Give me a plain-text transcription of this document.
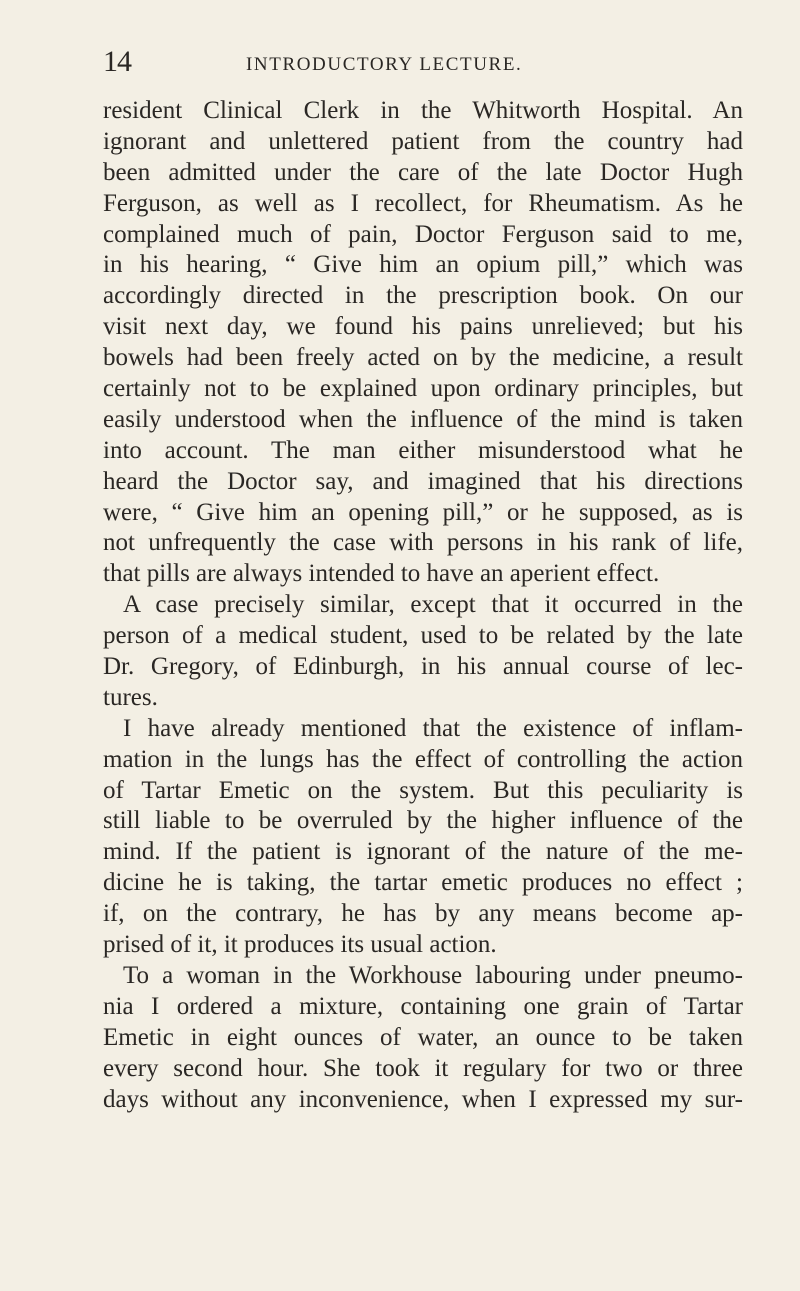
14	INTRODUCTORY LECTURE.
resident Clinical Clerk in the Whitworth Hospital. An
ignorant and unlettered patient from the country had
been admitted under the care of the late Doctor Hugh
Ferguson, as well as I recollect, for Rheumatism. As he
complained much of pain, Doctor Ferguson said to me,
in his hearing, “ Give him an opium pill,” which was
accordingly directed in the prescription book. On our
visit next day, we found his pains unrelieved; but his
bowels had been freely acted on by the medicine, a result
certainly not to be explained upon ordinary principles, but
easily understood when the influence of the mind is taken
into account. The man either misunderstood what he
heard the Doctor say, and imagined that his directions
were, “ Give him an opening pill,” or he supposed, as is
not unfrequently the case with persons in his rank of life,
that pills are always intended to have an aperient effect.
A case precisely similar, except that it occurred in the
person of a medical student, used to be related by the late
Dr. Gregory, of Edinburgh, in his annual course of lec-
tures.
I have already mentioned that the existence of inflam-
mation in the lungs has the effect of controlling the action
of Tartar Emetic on the system. But this peculiarity is
still liable to be overruled by the higher influence of the
mind. If the patient is ignorant of the nature of the me-
dicine he is taking, the tartar emetic produces no effect ;
if, on the contrary, he has by any means become ap-
prised of it, it produces its usual action.
To a woman in the Workhouse labouring under pneumo-
nia I ordered a mixture, containing one grain of Tartar
Emetic in eight ounces of water, an ounce to be taken
every second hour. She took it regulary for two or three
days without any inconvenience, when I expressed my sur-
